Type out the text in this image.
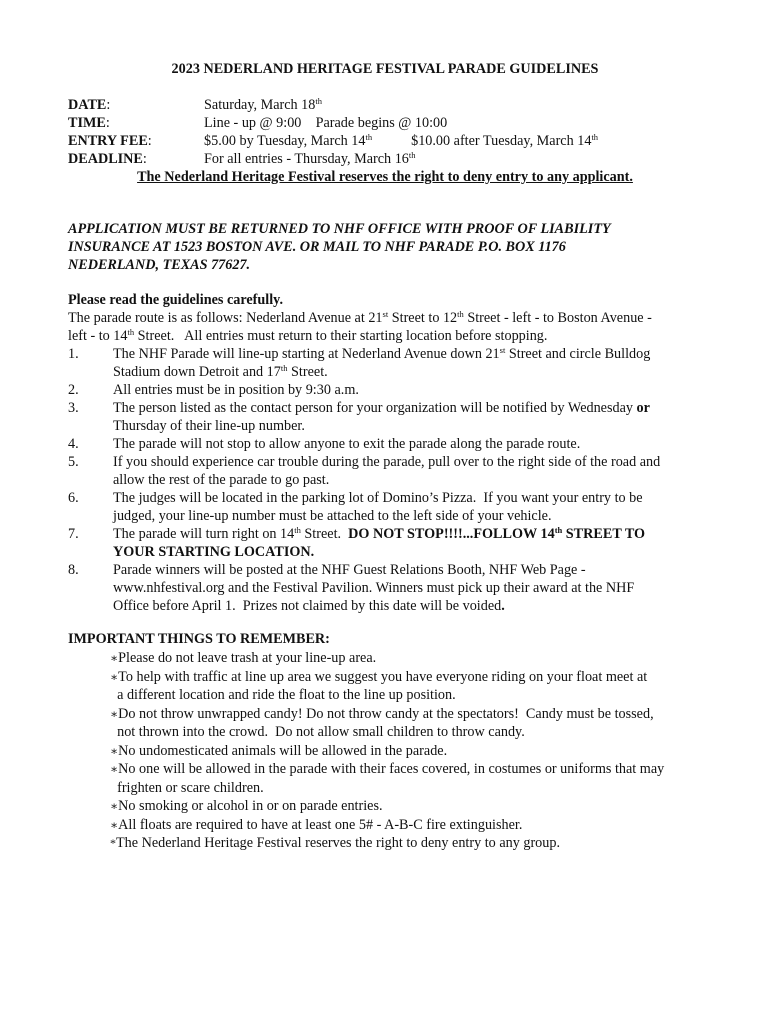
2023 NEDERLAND HERITAGE FESTIVAL PARADE GUIDELINES
DATE:	Saturday, March 18th
TIME:	Line - up @ 9:00    Parade begins @ 10:00
ENTRY FEE:	$5.00 by Tuesday, March 14th           $10.00 after Tuesday, March 14th
DEADLINE:	For all entries - Thursday, March 16th
The Nederland Heritage Festival reserves the right to deny entry to any applicant.
APPLICATION MUST BE RETURNED TO NHF OFFICE WITH PROOF OF LIABILITY
INSURANCE AT 1523 BOSTON AVE. OR MAIL TO NHF PARADE P.O. BOX 1176
NEDERLAND, TEXAS 77627.
Please read the guidelines carefully.
The parade route is as follows: Nederland Avenue at 21st Street to 12th Street - left - to Boston Avenue -
left - to 14th Street.   All entries must return to their starting location before stopping.
1. The NHF Parade will line-up starting at Nederland Avenue down 21st Street and circle Bulldog
Stadium down Detroit and 17th Street.
2. All entries must be in position by 9:30 a.m.
3. The person listed as the contact person for your organization will be notified by Wednesday or
Thursday of their line-up number.
4. The parade will not stop to allow anyone to exit the parade along the parade route.
5. If you should experience car trouble during the parade, pull over to the right side of the road and
allow the rest of the parade to go past.
6. The judges will be located in the parking lot of Domino’s Pizza.  If you want your entry to be
judged, your line-up number must be attached to the left side of your vehicle.
7. The parade will turn right on 14th Street.  DO NOT STOP!!!!...FOLLOW 14th STREET TO
YOUR STARTING LOCATION.
8. Parade winners will be posted at the NHF Guest Relations Booth, NHF Web Page -
www.nhfestival.org and the Festival Pavilion. Winners must pick up their award at the NHF
Office before April 1.  Prizes not claimed by this date will be voided.
IMPORTANT THINGS TO REMEMBER:
∗Please do not leave trash at your line-up area.
∗To help with traffic at line up area we suggest you have everyone riding on your float meet at
a different location and ride the float to the line up position.
∗Do not throw unwrapped candy! Do not throw candy at the spectators!  Candy must be tossed,
not thrown into the crowd.  Do not allow small children to throw candy.
∗No undomesticated animals will be allowed in the parade.
∗No one will be allowed in the parade with their faces covered, in costumes or uniforms that may
frighten or scare children.
∗No smoking or alcohol in or on parade entries.
∗All floats are required to have at least one 5# - A-B-C fire extinguisher.
*The Nederland Heritage Festival reserves the right to deny entry to any group.
